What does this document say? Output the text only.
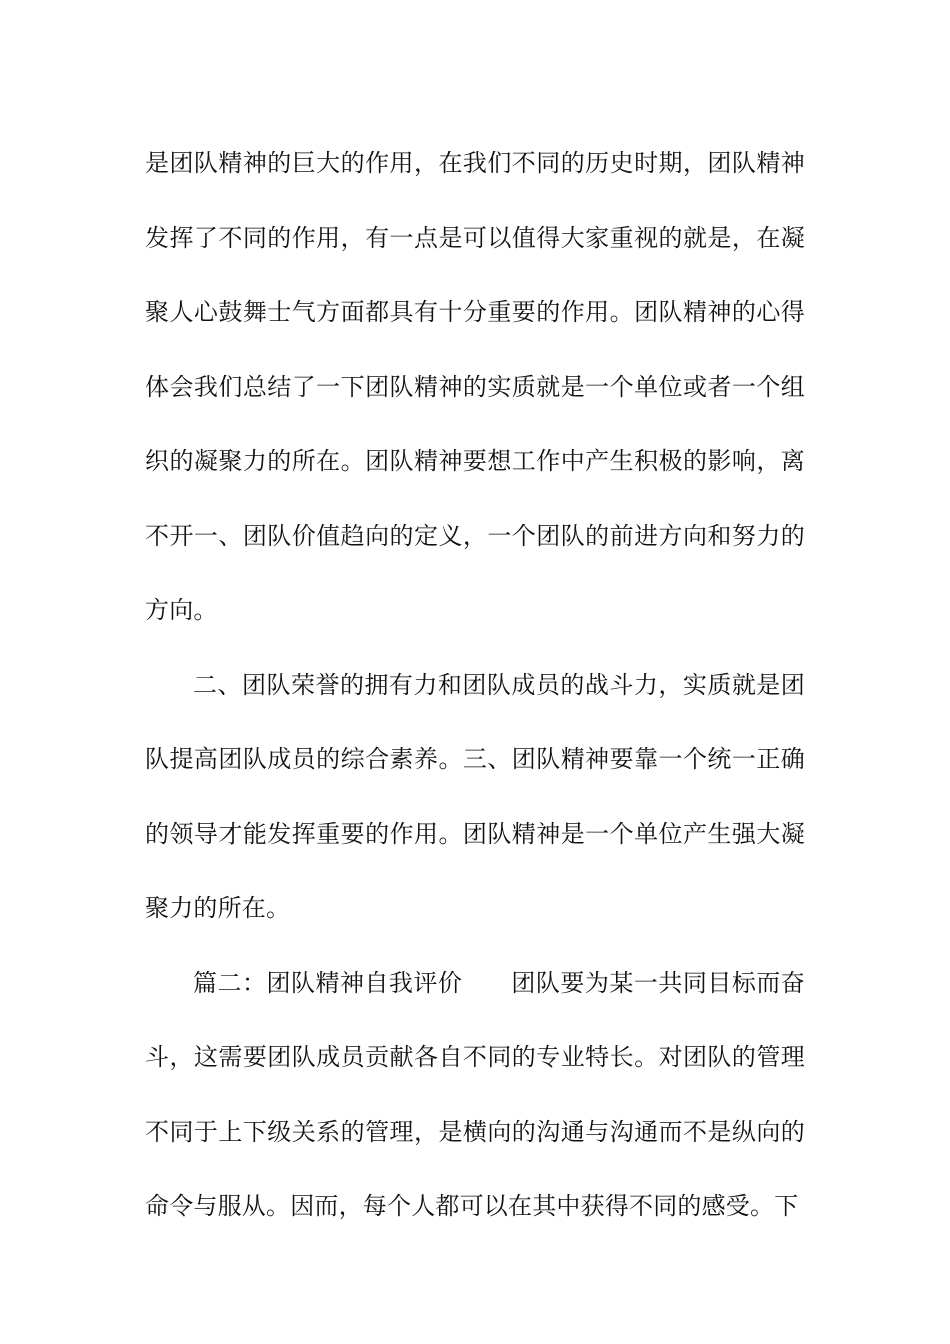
是团队精神的巨大的作用，在我们不同的历史时期，团队精神发挥了不同的作用，有一点是可以值得大家重视的就是，在凝聚人心鼓舞士气方面都具有十分重要的作用。团队精神的心得体会我们总结了一下团队精神的实质就是一个单位或者一个组织的凝聚力的所在。团队精神要想工作中产生积极的影响，离不开一、团队价值趋向的定义，一个团队的前进方向和努力的方向。

二、团队荣誉的拥有力和团队成员的战斗力，实质就是团队提高团队成员的综合素养。三、团队精神要靠一个统一正确的领导才能发挥重要的作用。团队精神是一个单位产生强大凝聚力的所在。

篇二：团队精神自我评价　　团队要为某一共同目标而奋斗，这需要团队成员贡献各自不同的专业特长。对团队的管理不同于上下级关系的管理，是横向的沟通与沟通而不是纵向的命令与服从。因而，每个人都可以在其中获得不同的感受。下
